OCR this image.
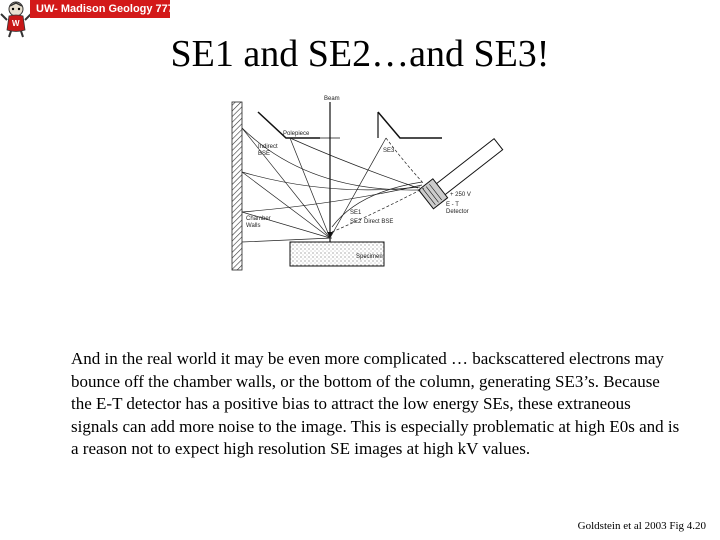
W
UW- Madison Geology 777
SE1 and SE2…and SE3!
Beam
Polepiece
Indirect BSE	SE3
+ 250 V
E - T Detector
Chamber Walls
SE1
SE2 Direct BSE
Specimen
And in the real world it may be even more complicated … backscattered electrons may bounce off the chamber walls, or the bottom of the column, generating SE3’s. Because the E-T detector has a positive bias to attract the low energy SEs, these extraneous signals can add more noise to the image. This is especially problematic at high E0s and is a reason not to expect high resolution SE images at high kV values.
Goldstein et al 2003 Fig 4.20
